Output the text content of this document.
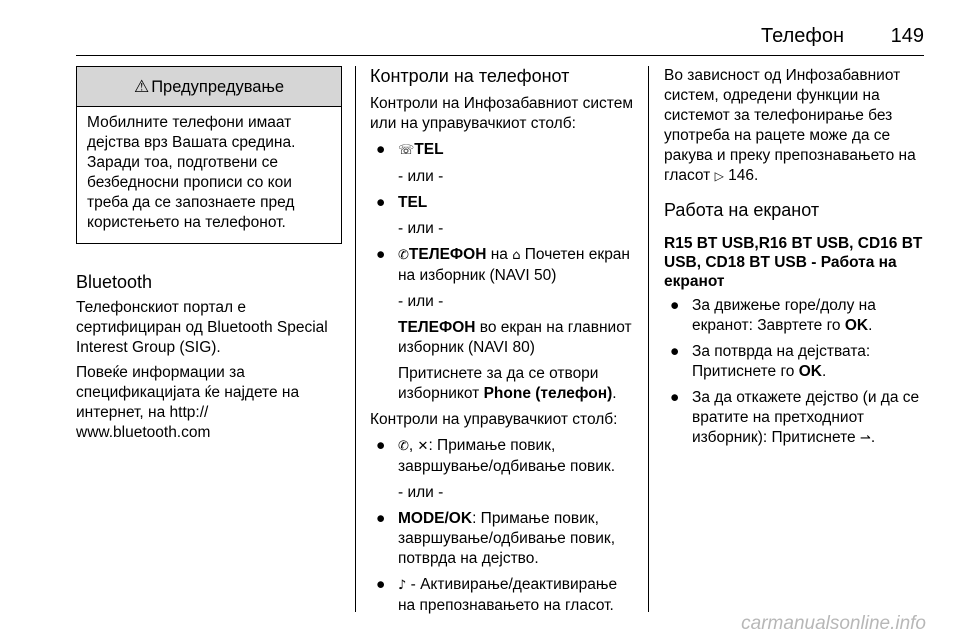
Телефон 149
⚠ Предупредување

Мобилните телефони имаат дејства врз Вашата средина. Заради тоа, подготвени се безбедносни прописи со кои треба да се запознаете пред користењето на телефонот.

Bluetooth

Телефонскиот портал е сертифициран од Bluetooth Special Interest Group (SIG).

Повеќе информации за спецификацијата ќе најдете на интернет, на http:// www.bluetooth.com

Контроли на телефонот

Контроли на Инфозабавниот систем или на управувачкиот столб:

● ☏TEL

- или -

● TEL

- или -

● ✆ТЕЛЕФОН на ⌂ Почетен екран на изборник (NAVI 50)

- или -

ТЕЛЕФОН во екран на главниот изборник (NAVI 80)

Притиснете за да се отвори изборникот Phone (телефон).

Контроли на управувачкиот столб:

● ✆, ✕: Примање повик, завршување/одбивање повик.

- или -

● MODE/OK: Примање повик, завршување/одбивање повик, потврда на дејство.
● ♪ - Активирање/деактивирање на препознавањето на гласот.

Во зависност од Инфозабавниот систем, одредени функции на системот за телефонирање без употреба на рацете може да се ракува и преку препознавањето на гласот ▷ 146.

Работа на екранот
R15 BT USB,R16 BT USB, CD16 BT USB, CD18 BT USB - Работа на екранот
● За движење горе/долу на екранот: Завртете го OK.
● За потврда на дејствата: Притиснете го OK.
● За да откажете дејство (и да се вратите на претходниот изборник): Притиснете ⇀.
carmanualsonline.info
